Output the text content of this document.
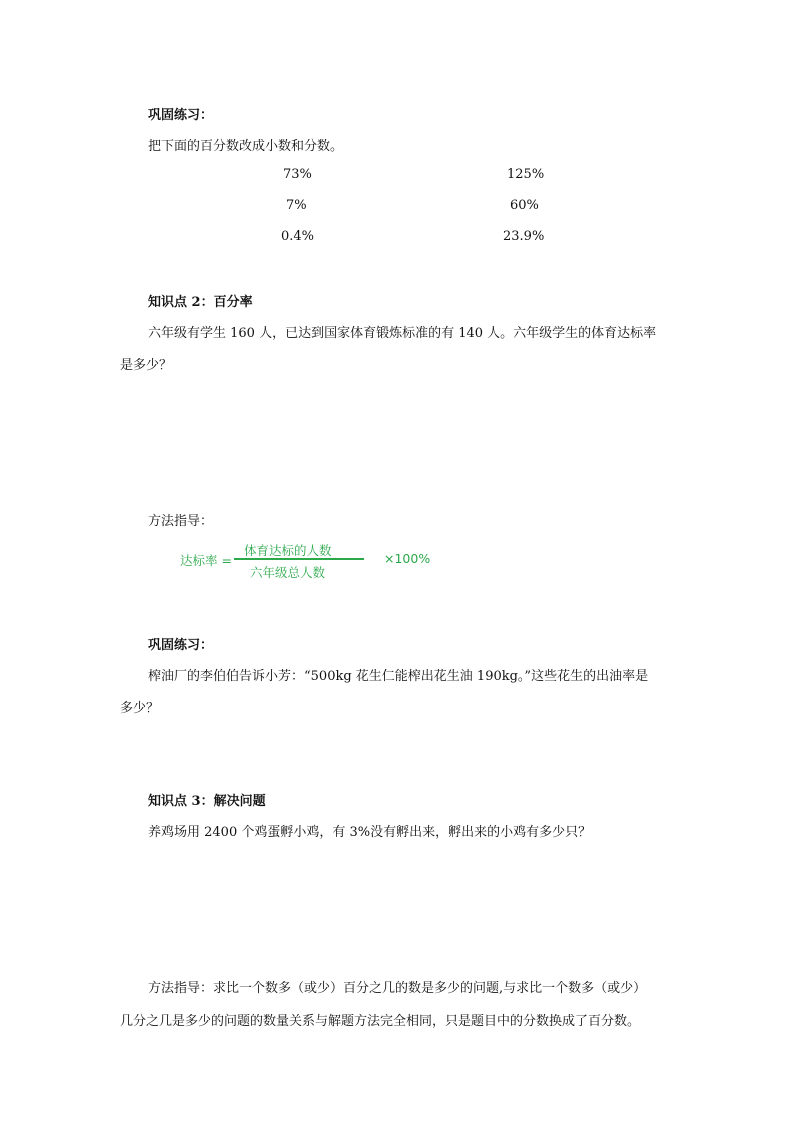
巩固练习：
把下面的百分数改成小数和分数。
73%	125%
7%	60%
0.4%	23.9%
知识点 2：百分率
六年级有学生 160 人，已达到国家体育锻炼标准的有 140 人。六年级学生的体育达标率
是多少？
方法指导：
达标率 =
体育达标的人数
六年级总人数
×100%
巩固练习：
榨油厂的李伯伯告诉小芳：“500kg 花生仁能榨出花生油 190kg。”这些花生的出油率是
多少？
知识点 3：解决问题
养鸡场用 2400 个鸡蛋孵小鸡，有 3%没有孵出来，孵出来的小鸡有多少只？
方法指导：求比一个数多（或少）百分之几的数是多少的问题,与求比一个数多（或少）
几分之几是多少的问题的数量关系与解题方法完全相同，只是题目中的分数换成了百分数。
